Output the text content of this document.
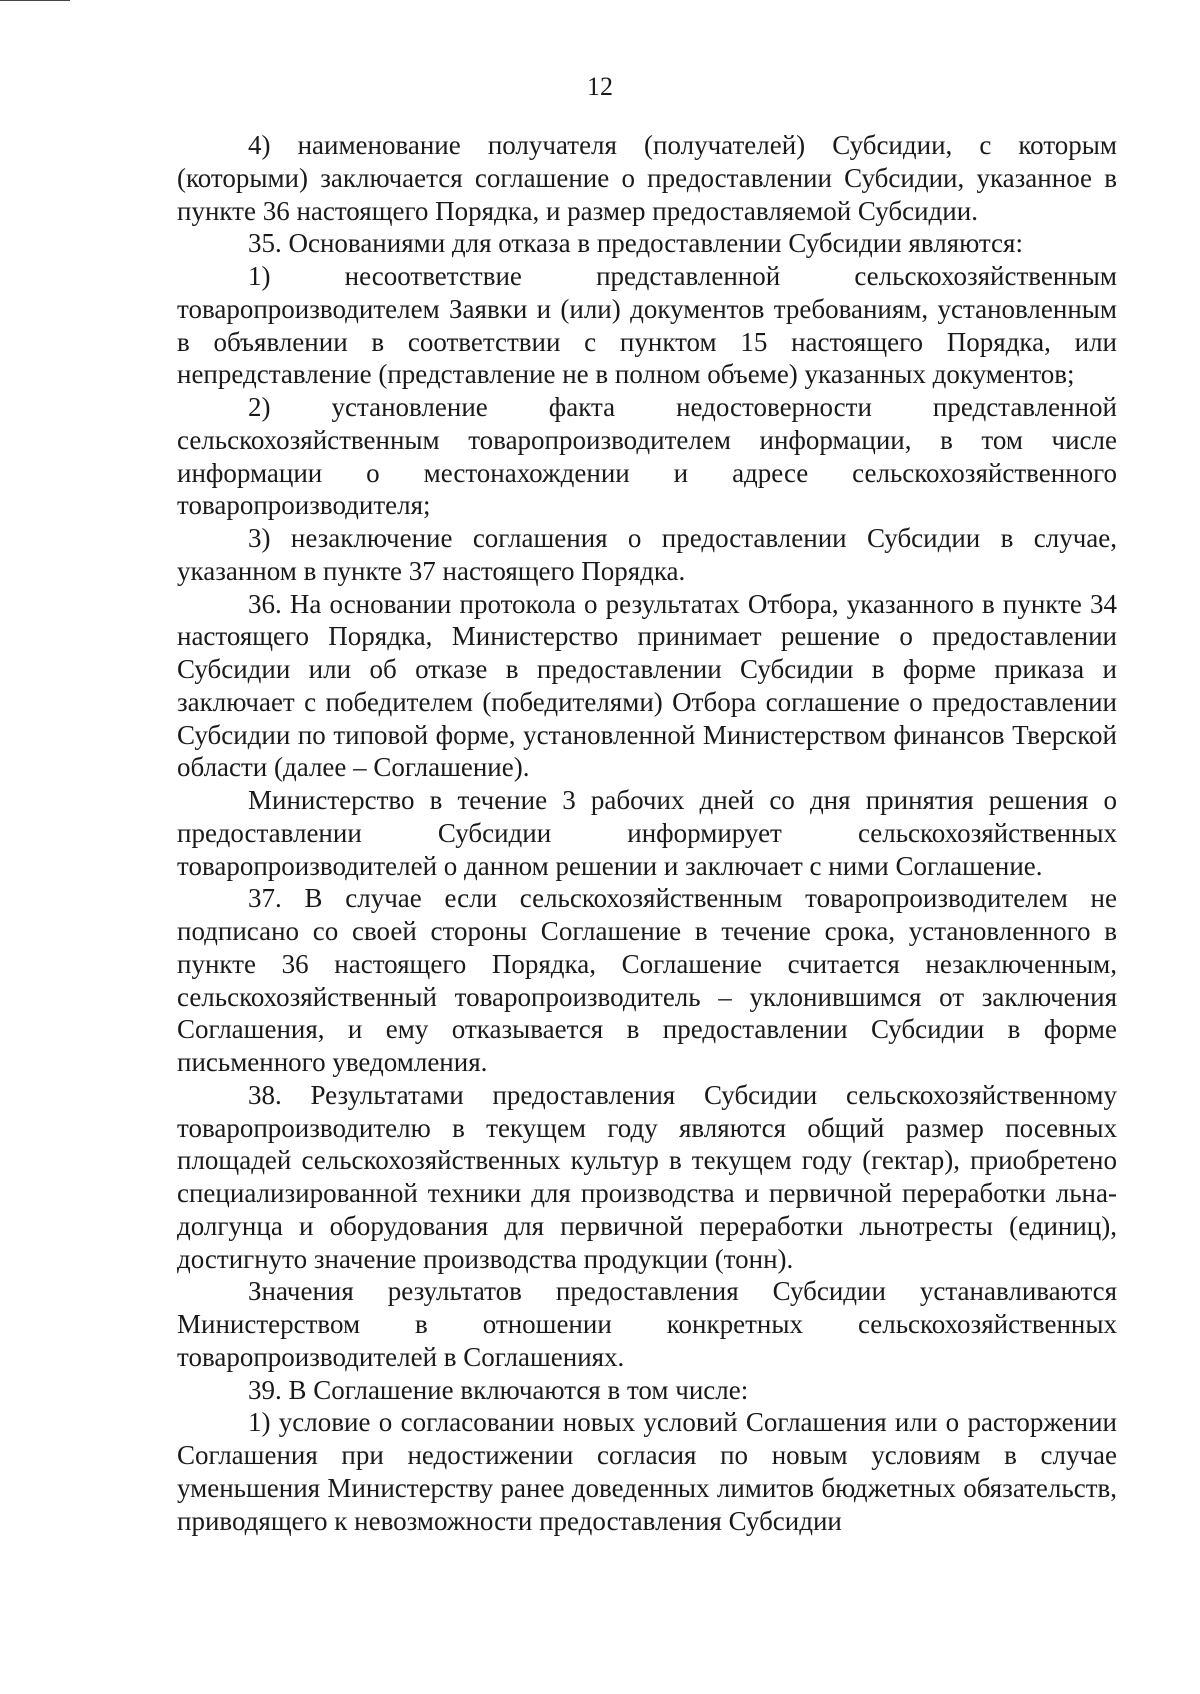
12

4) наименование получателя (получателей) Субсидии, с которым (которыми) заключается соглашение о предоставлении Субсидии, указанное в пункте 36 настоящего Порядка, и размер предоставляемой Субсидии.

35. Основаниями для отказа в предоставлении Субсидии являются:

1) несоответствие представленной сельскохозяйственным товаропроизводителем Заявки и (или) документов требованиям, установленным в объявлении в соответствии с пунктом 15 настоящего Порядка, или непредставление (представление не в полном объеме) указанных документов;

2) установление факта недостоверности представленной сельскохозяйственным товаропроизводителем информации, в том числе информации о местонахождении и адресе сельскохозяйственного товаропроизводителя;

3) незаключение соглашения о предоставлении Субсидии в случае, указанном в пункте 37 настоящего Порядка.

36. На основании протокола о результатах Отбора, указанного в пункте 34 настоящего Порядка, Министерство принимает решение о предоставлении Субсидии или об отказе в предоставлении Субсидии в форме приказа и заключает с победителем (победителями) Отбора соглашение о предоставлении Субсидии по типовой форме, установленной Министерством финансов Тверской области (далее – Соглашение).

Министерство в течение 3 рабочих дней со дня принятия решения о предоставлении Субсидии информирует сельскохозяйственных товаропроизводителей о данном решении и заключает с ними Соглашение.

37. В случае если сельскохозяйственным товаропроизводителем не подписано со своей стороны Соглашение в течение срока, установленного в пункте 36 настоящего Порядка, Соглашение считается незаключенным, сельскохозяйственный товаропроизводитель – уклонившимся от заключения Соглашения, и ему отказывается в предоставлении Субсидии в форме письменного уведомления.

38. Результатами предоставления Субсидии сельскохозяйственному товаропроизводителю в текущем году являются общий размер посевных площадей сельскохозяйственных культур в текущем году (гектар), приобретено специализированной техники для производства и первичной переработки льна-долгунца и оборудования для первичной переработки льнотресты (единиц), достигнуто значение производства продукции (тонн).

Значения результатов предоставления Субсидии устанавливаются Министерством в отношении конкретных сельскохозяйственных товаропроизводителей в Соглашениях.

39. В Соглашение включаются в том числе:

1) условие о согласовании новых условий Соглашения или о расторжении Соглашения при недостижении согласия по новым условиям в случае уменьшения Министерству ранее доведенных лимитов бюджетных обязательств, приводящего к невозможности предоставления Субсидии
